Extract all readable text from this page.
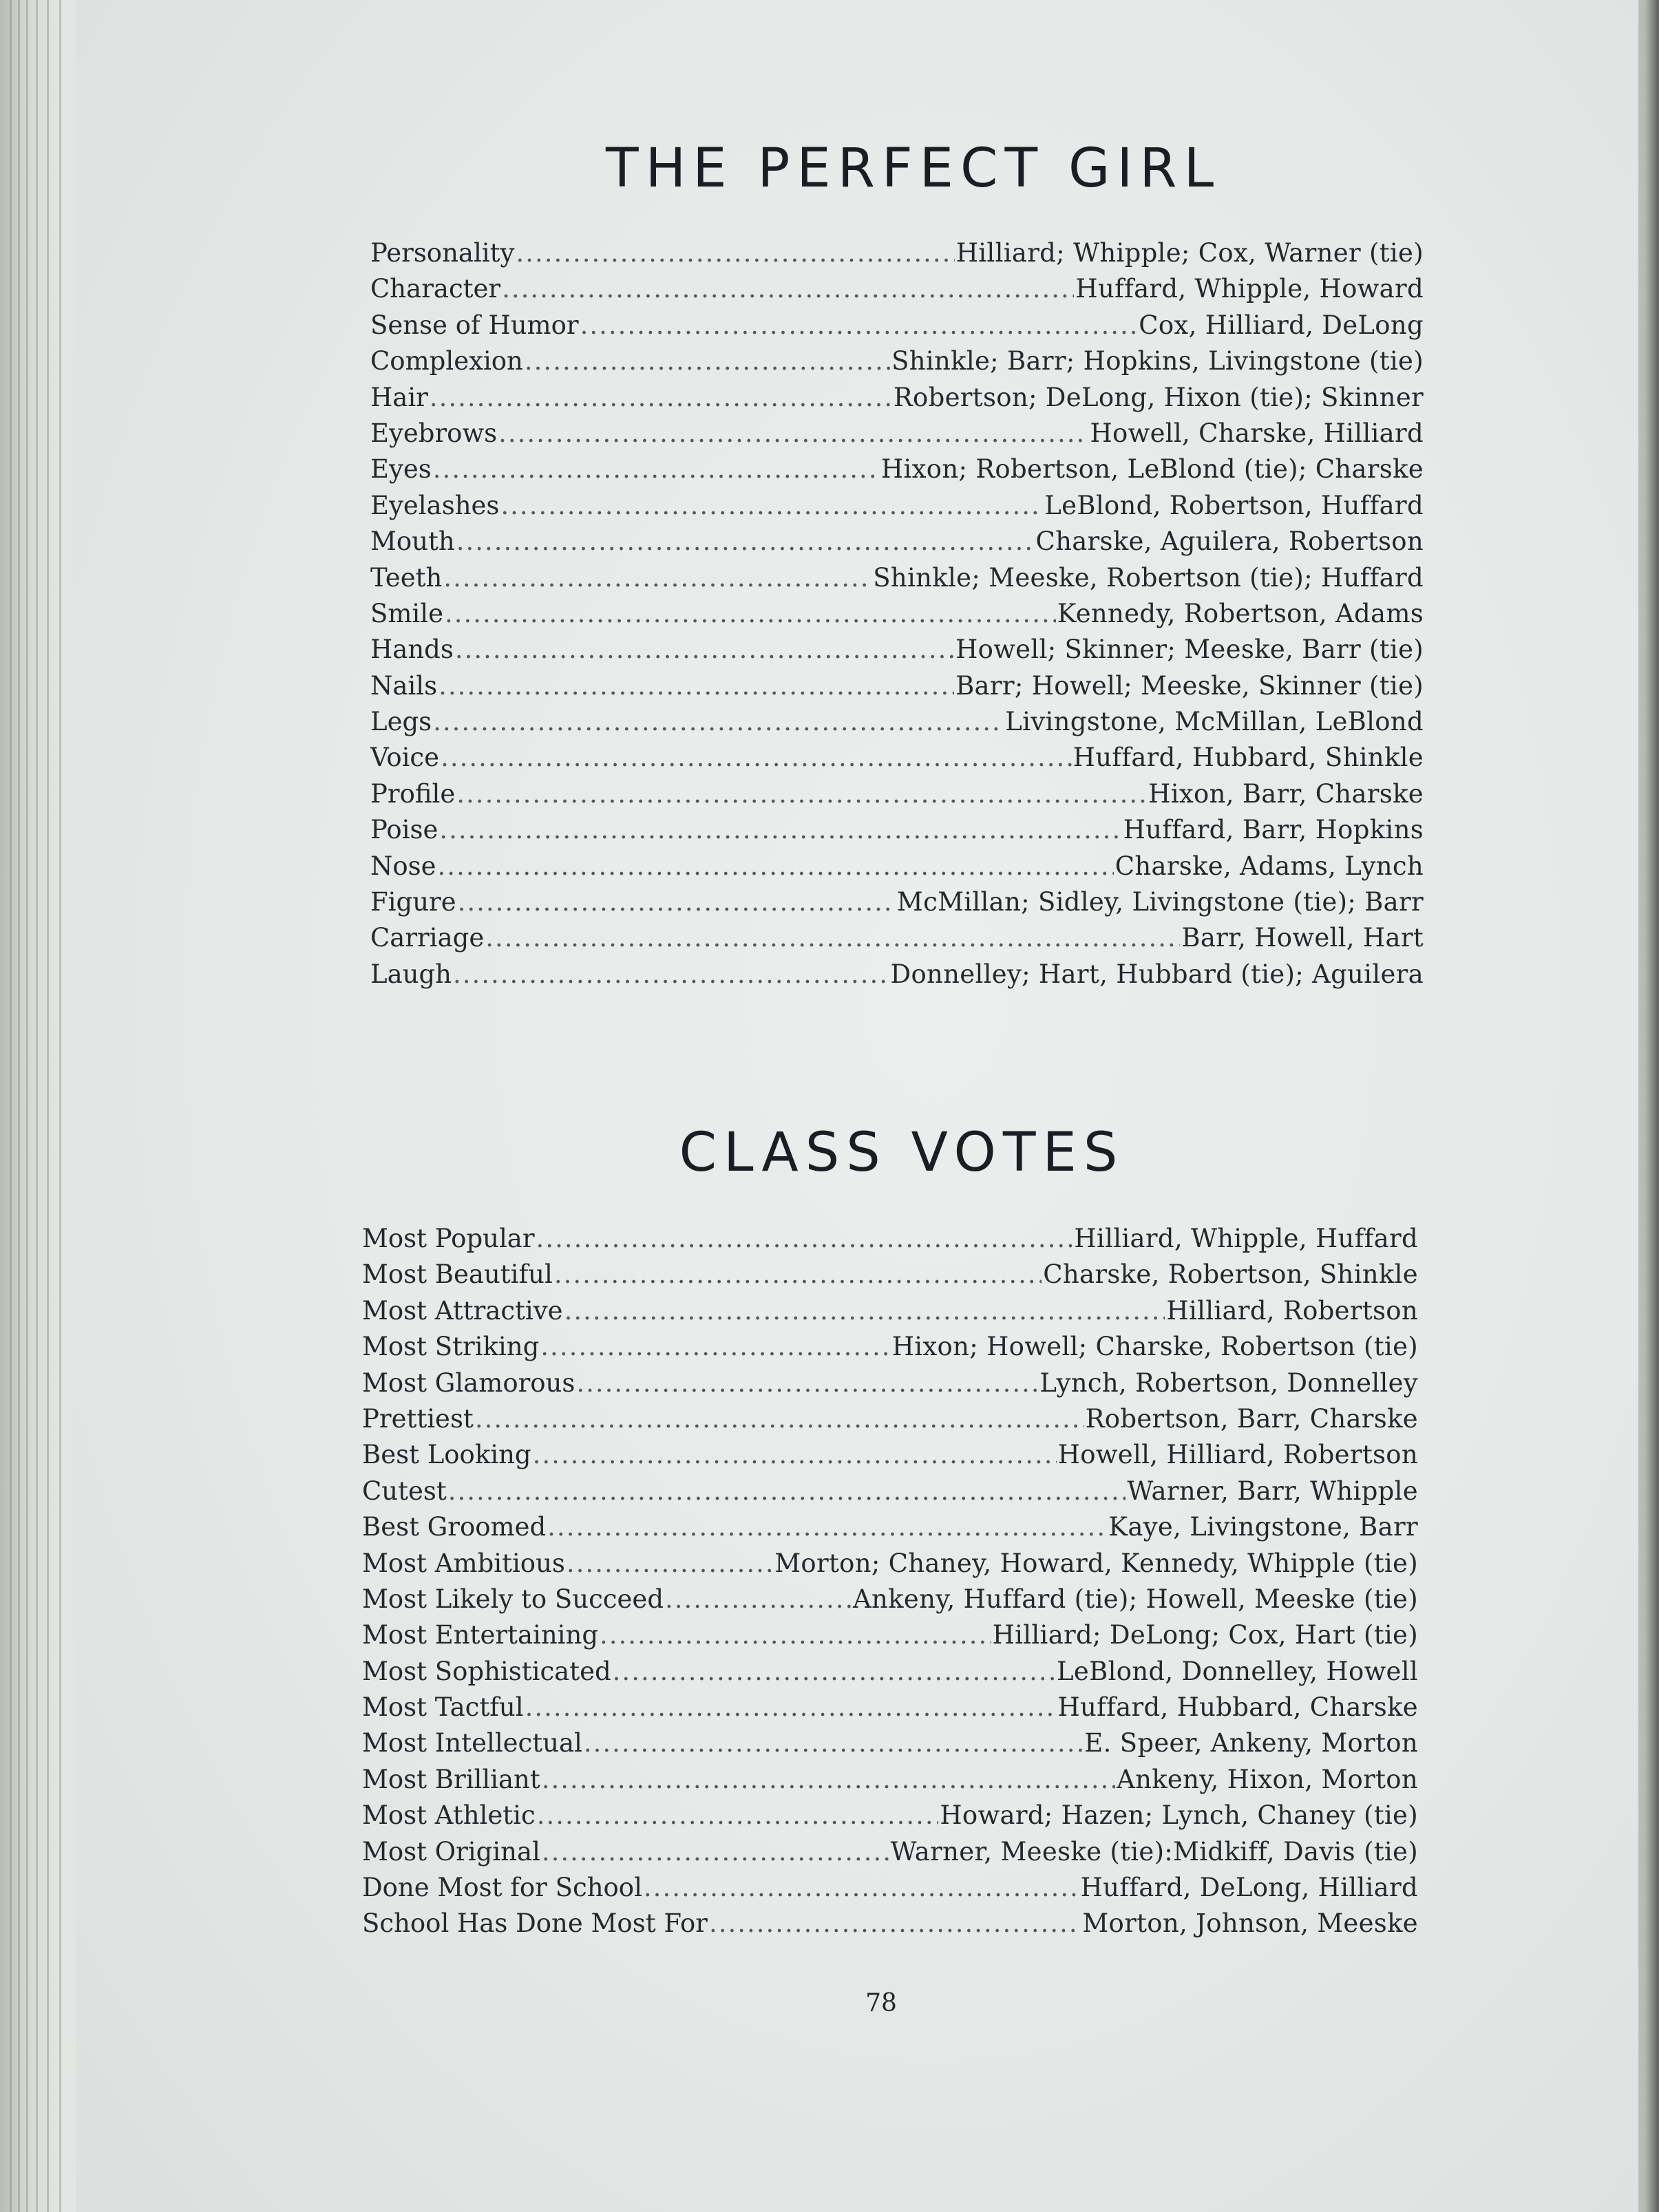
THE PERFECT GIRL
Personality .....	Hilliard; Whipple; Cox, Warner (tie)
Character .....	Huffard, Whipple, Howard
Sense of Humor .....	Cox, Hilliard, DeLong
Complexion .....	Shinkle; Barr; Hopkins, Livingstone (tie)
Hair .....	Robertson; DeLong, Hixon (tie); Skinner
Eyebrows .....	Howell, Charske, Hilliard
Eyes .....	Hixon; Robertson, LeBlond (tie); Charske
Eyelashes .....	LeBlond, Robertson, Huffard
Mouth .....	Charske, Aguilera, Robertson
Teeth .....	Shinkle; Meeske, Robertson (tie); Huffard
Smile .....	Kennedy, Robertson, Adams
Hands .....	Howell; Skinner; Meeske, Barr (tie)
Nails .....	Barr; Howell; Meeske, Skinner (tie)
Legs .....	Livingstone, McMillan, LeBlond
Voice .....	Huffard, Hubbard, Shinkle
Profile .....	Hixon, Barr, Charske
Poise .....	Huffard, Barr, Hopkins
Nose .....	Charske, Adams, Lynch
Figure .....	McMillan; Sidley, Livingstone (tie); Barr
Carriage .....	Barr, Howell, Hart
Laugh .....	Donnelley; Hart, Hubbard (tie); Aguilera
CLASS VOTES
Most Popular .....	Hilliard, Whipple, Huffard
Most Beautiful .....	Charske, Robertson, Shinkle
Most Attractive .....	Hilliard, Robertson
Most Striking .....	Hixon; Howell; Charske, Robertson (tie)
Most Glamorous .....	Lynch, Robertson, Donnelley
Prettiest .....	Robertson, Barr, Charske
Best Looking .....	Howell, Hilliard, Robertson
Cutest .....	Warner, Barr, Whipple
Best Groomed .....	Kaye, Livingstone, Barr
Most Ambitious .....	Morton; Chaney, Howard, Kennedy, Whipple (tie)
Most Likely to Succeed .....	Ankeny, Huffard (tie); Howell, Meeske (tie)
Most Entertaining .....	Hilliard; DeLong; Cox, Hart (tie)
Most Sophisticated .....	LeBlond, Donnelley, Howell
Most Tactful .....	Huffard, Hubbard, Charske
Most Intellectual .....	E. Speer, Ankeny, Morton
Most Brilliant .....	Ankeny, Hixon, Morton
Most Athletic .....	Howard; Hazen; Lynch, Chaney (tie)
Most Original .....	Warner, Meeske (tie):Midkiff, Davis (tie)
Done Most for School .....	Huffard, DeLong, Hilliard
School Has Done Most For .....	Morton, Johnson, Meeske
78
